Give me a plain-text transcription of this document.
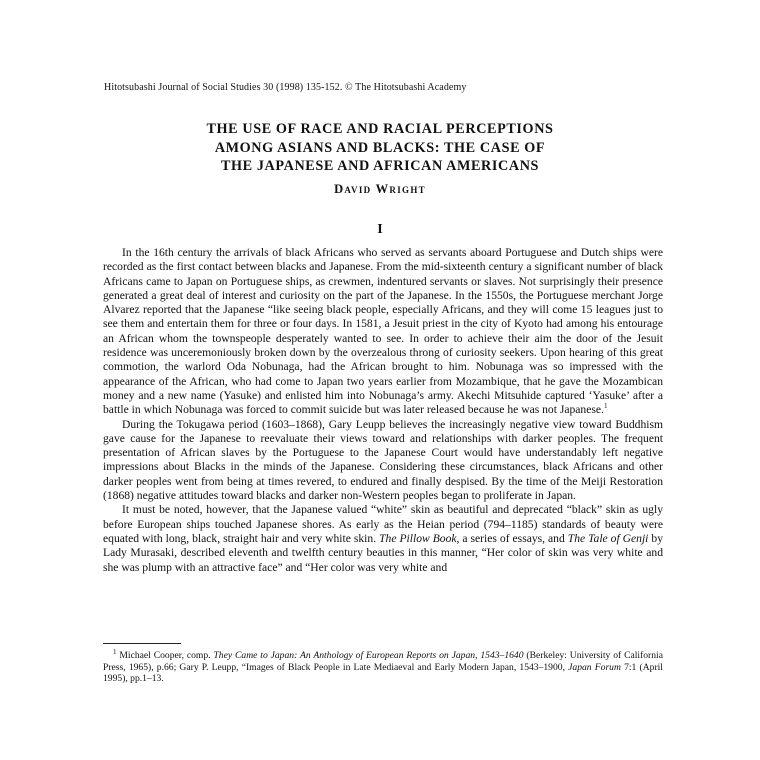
Hitotsubashi Journal of Social Studies 30 (1998) 135-152. © The Hitotsubashi Academy
THE USE OF RACE AND RACIAL PERCEPTIONS
AMONG ASIANS AND BLACKS: THE CASE OF
THE JAPANESE AND AFRICAN AMERICANS
David Wright
I

In the 16th century the arrivals of black Africans who served as servants aboard Portuguese and Dutch ships were recorded as the first contact between blacks and Japanese. From the mid-sixteenth century a significant number of black Africans came to Japan on Portuguese ships, as crewmen, indentured servants or slaves. Not surprisingly their presence generated a great deal of interest and curiosity on the part of the Japanese. In the 1550s, the Portuguese merchant Jorge Alvarez reported that the Japanese “like seeing black people, especially Africans, and they will come 15 leagues just to see them and entertain them for three or four days. In 1581, a Jesuit priest in the city of Kyoto had among his entourage an African whom the townspeople desperately wanted to see. In order to achieve their aim the door of the Jesuit residence was unceremoniously broken down by the overzealous throng of curiosity seekers. Upon hearing of this great commotion, the warlord Oda Nobunaga, had the African brought to him. Nobunaga was so impressed with the appearance of the African, who had come to Japan two years earlier from Mozambique, that he gave the Mozambican money and a new name (Yasuke) and enlisted him into Nobunaga’s army. Akechi Mitsuhide captured ‘Yasuke’ after a battle in which Nobunaga was forced to commit suicide but was later released because he was not Japanese.$^1$

During the Tokugawa period (1603–1868), Gary Leupp believes the increasingly negative view toward Buddhism gave cause for the Japanese to reevaluate their views toward and relationships with darker peoples. The frequent presentation of African slaves by the Portuguese to the Japanese Court would have understandably left negative impressions about Blacks in the minds of the Japanese. Considering these circumstances, black Africans and other darker peoples went from being at times revered, to endured and finally despised. By the time of the Meiji Restoration (1868) negative attitudes toward blacks and darker non-Western peoples began to proliferate in Japan.

It must be noted, however, that the Japanese valued “white” skin as beautiful and deprecated “black” skin as ugly before European ships touched Japanese shores. As early as the Heian period (794–1185) standards of beauty were equated with long, black, straight hair and very white skin. The Pillow Book, a series of essays, and The Tale of Genji by Lady Murasaki, described eleventh and twelfth century beauties in this manner, “Her color of skin was very white and she was plump with an attractive face” and “Her color was very white and

$^1$ Michael Cooper, comp. They Came to Japan: An Anthology of European Reports on Japan, 1543–1640 (Berkeley: University of California Press, 1965), p.66; Gary P. Leupp, “Images of Black People in Late Mediaeval and Early Modern Japan, 1543–1900, Japan Forum 7:1 (April 1995), pp.1–13.
